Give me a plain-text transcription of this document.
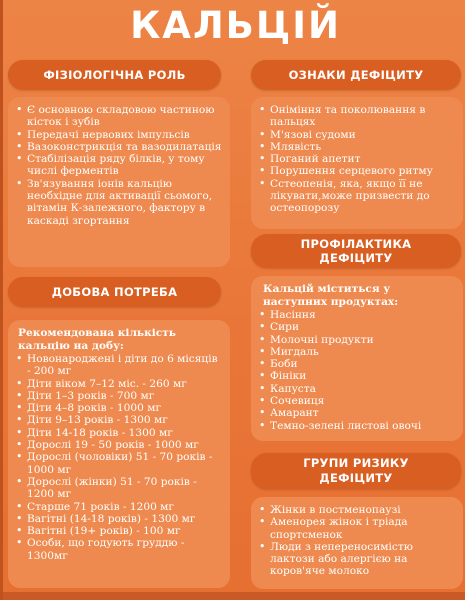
КАЛЬЦІЙ
ФІЗІОЛОГІЧНА РОЛЬ
• Є основною складовою частиною кісток і зубів
• Передачі нервових імпульсів
• Вазоконстрикція та вазодилатація
• Стабілізація ряду білків, у тому числі ферментів
• Зв'язування іонів кальцію необхідне для активації сьомого, вітамін К-залежного, фактору в каскаді згортання
ОЗНАКИ ДЕФІЦИТУ
• Оніміння та поколювання в пальцях
• М'язові судоми
• Млявість
• Поганий апетит
• Порушення серцевого ритму
• Сстеопенія, яка, якщо її не лікувати,може призвести до остеопорозу
ПРОФІЛАКТИКА
ДЕФІЦИТУ
Кальцій міститься у наступних продуктах:
• Насіння
• Сири
• Молочні продукти
• Мигдаль
• Боби
• Фініки
• Капуста
• Сочевиця
• Амарант
• Темно-зелені листові овочі
ДОБОВА ПОТРЕБА
Рекомендована кількість кальцію на добу:
• Новонароджені і діти до 6 місяців - 200 мг
• Діти віком 7–12 міс. - 260 мг
• Діти 1–3 років - 700 мг
• Діти 4–8 років - 1000 мг
• Діти 9–13 років - 1300 мг
• Діти 14-18 років - 1300 мг
• Дорослі 19 - 50 років - 1000 мг
• Дорослі (чоловіки) 51 - 70 років - 1000 мг
• Дорослі (жінки) 51 - 70 років - 1200 мг
• Старше 71 років - 1200 мг
• Вагітні (14-18 років) - 1300 мг
• Вагітні (19+ років) - 100 мг
• Особи, що годують груддю - 1300мг
ГРУПИ РИЗИКУ
ДЕФІЦИТУ
• Жінки в постменопаузі
• Аменорея жінок і тріада спортсменок
• Люди з непереносимістю лактози або алергією на коров'яче молоко
